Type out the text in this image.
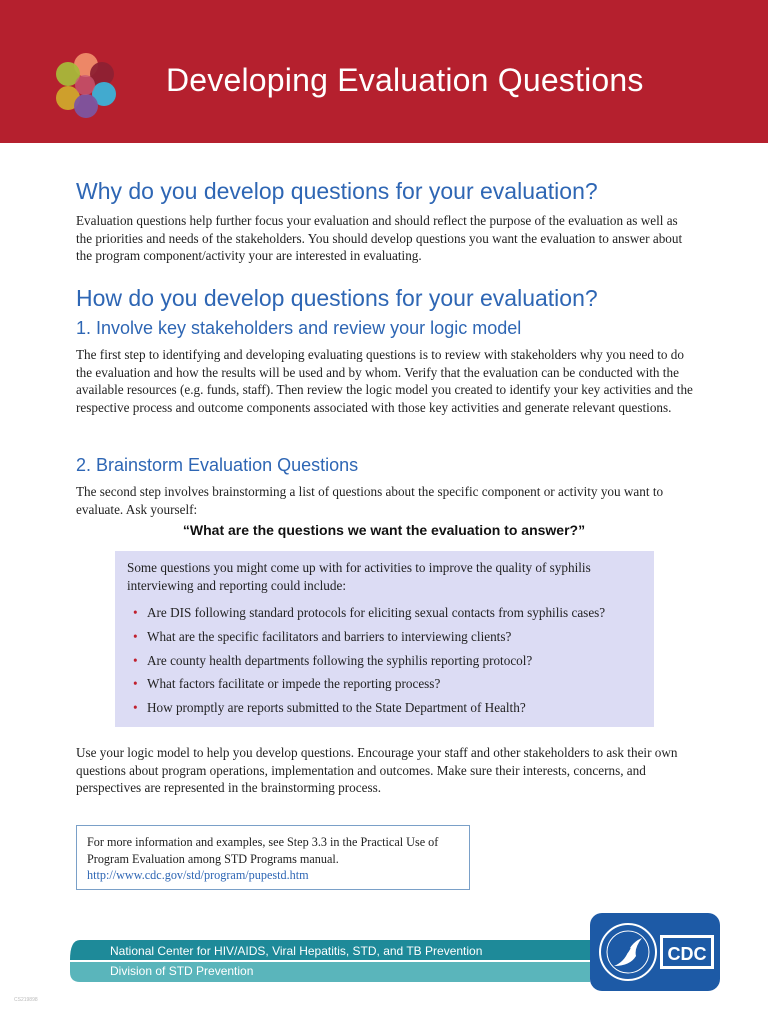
Developing Evaluation Questions
Why do you develop questions for your evaluation?

Evaluation questions help further focus your evaluation and should reflect the purpose of the evaluation as well as the priorities and needs of the stakeholders. You should develop questions you want the evaluation to answer about the program component/activity your are interested in evaluating.

How do you develop questions for your evaluation?
1. Involve key stakeholders and review your logic model

The first step to identifying and developing evaluating questions is to review with stakeholders why you need to do the evaluation and how the results will be used and by whom. Verify that the evaluation can be conducted with the available resources (e.g. funds, staff). Then review the logic model you created to identify your key activities and the respective process and outcome components associated with those key activities and generate relevant questions.

2. Brainstorm Evaluation Questions

The second step involves brainstorming a list of questions about the specific component or activity you want to evaluate. Ask yourself:

“What are the questions we want the evaluation to answer?”

Some questions you might come up with for activities to improve the quality of syphilis interviewing and reporting could include:

• Are DIS following standard protocols for eliciting sexual contacts from syphilis cases?
• What are the specific facilitators and barriers to interviewing clients?
• Are county health departments following the syphilis reporting protocol?
• What factors facilitate or impede the reporting process?
• How promptly are reports submitted to the State Department of Health?

Use your logic model to help you develop questions. Encourage your staff and other stakeholders to ask their own questions about program operations, implementation and outcomes. Make sure their interests, concerns, and perspectives are represented in the brainstorming process.

For more information and examples, see Step 3.3 in the Practical Use of Program Evaluation among STD Programs manual.
http://www.cdc.gov/std/program/pupestd.htm

National Center for HIV/AIDS, Viral Hepatitis, STD, and TB Prevention
Division of STD Prevention
CDC
CS219898
